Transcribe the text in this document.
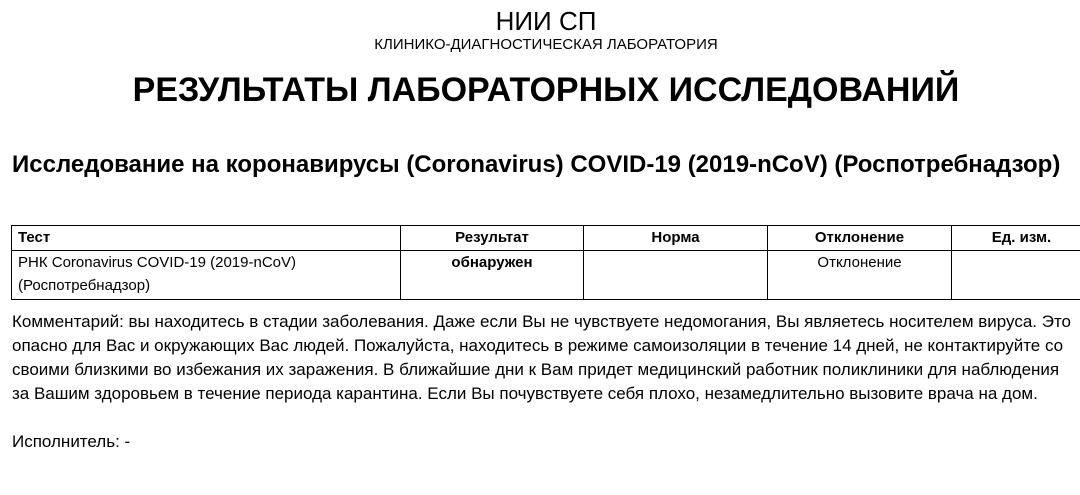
НИИ СП
КЛИНИКО-ДИАГНОСТИЧЕСКАЯ ЛАБОРАТОРИЯ
РЕЗУЛЬТАТЫ ЛАБОРАТОРНЫХ ИССЛЕДОВАНИЙ
Исследование на коронавирусы (Coronavirus) COVID-19 (2019-nCoV) (Роспотребнадзор)
Тест	Результат	Норма	Отклонение	Ед. изм.
РНК Coronavirus COVID-19 (2019-nCoV) (Роспотребнадзор)	обнаружен		Отклонение	
Комментарий: вы находитесь в стадии заболевания. Даже если Вы не чувствуете недомогания, Вы являетесь носителем вируса. Это опасно для Вас и окружающих Вас людей. Пожалуйста, находитесь в режиме самоизоляции в течение 14 дней, не контактируйте со своими близкими во избежания их заражения. В ближайшие дни к Вам придет медицинский работник поликлиники для наблюдения за Вашим здоровьем в течение периода карантина. Если Вы почувствуете себя плохо, незамедлительно вызовите врача на дом.
Исполнитель: -
